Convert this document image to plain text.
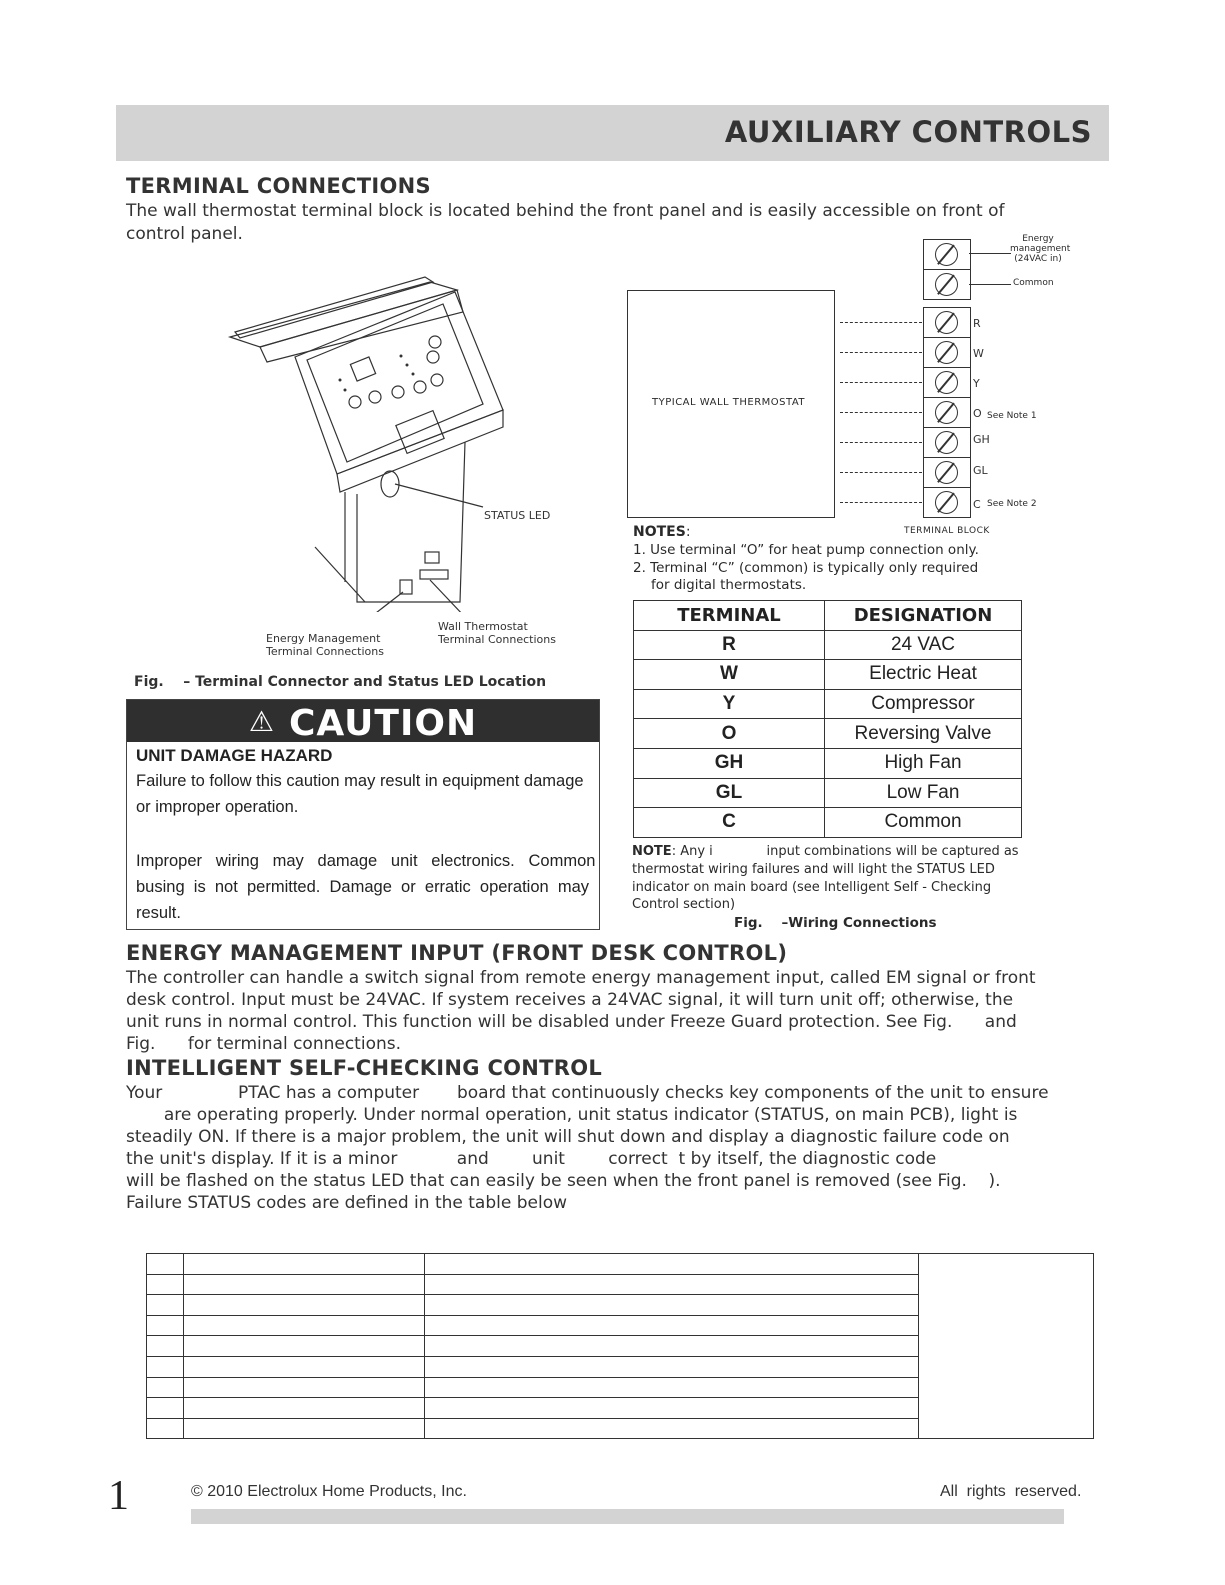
AUXILIARY CONTROLS
TERMINAL CONNECTIONS
The wall thermostat terminal block is located behind the front panel and is easily accessible on front of
control panel.
STATUS LED
Energy Management
Terminal Connections
Wall Thermostat
Terminal Connections
Fig.    – Terminal Connector and Status LED Location
⚠ CAUTION
UNIT DAMAGE HAZARD
Failure to follow this caution may result in equipment damage
or improper operation.
Improper   wiring   may   damage   unit   electronics.   Common
busing  is  not  permitted.  Damage  or  erratic  operation  may
result.
TYPICAL WALL THERMOSTAT
Energy
management
(24VAC in)
Common
R
W
Y
O
GH
GL
C
See Note 1
See Note 2
TERMINAL BLOCK
NOTES:
1. Use terminal “O” for heat pump connection only.
2. Terminal “C” (common) is typically only required
for digital thermostats.
TERMINAL	DESIGNATION
R	24 VAC
W	Electric Heat
Y	Compressor
O	Reversing Valve
GH	High Fan
GL	Low Fan
C	Common
NOTE: Any i             input combinations will be captured as
thermostat wiring failures and will light the STATUS LED
indicator on main board (see Intelligent Self - Checking
Control section)
Fig.    –Wiring Connections
ENERGY MANAGEMENT INPUT (FRONT DESK CONTROL)
The controller can handle a switch signal from remote energy management input, called EM signal or front
desk control. Input must be 24VAC. If system receives a 24VAC signal, it will turn unit off; otherwise, the
unit runs in normal control. This function will be disabled under Freeze Guard protection. See Fig.      and
Fig.      for terminal connections.
INTELLIGENT SELF-CHECKING CONTROL
Your              PTAC has a computer       board that continuously checks key components of the unit to ensure
are operating properly. Under normal operation, unit status indicator (STATUS, on main PCB), light is
steadily ON. If there is a major problem, the unit will shut down and display a diagnostic failure code on
the unit's display. If it is a minor           and        unit        correct  t by itself, the diagnostic code
will be flashed on the status LED that can easily be seen when the front panel is removed (see Fig.    ).
Failure STATUS codes are defined in the table below

1	© 2010 Electrolux Home Products, Inc.	All  rights  reserved.
